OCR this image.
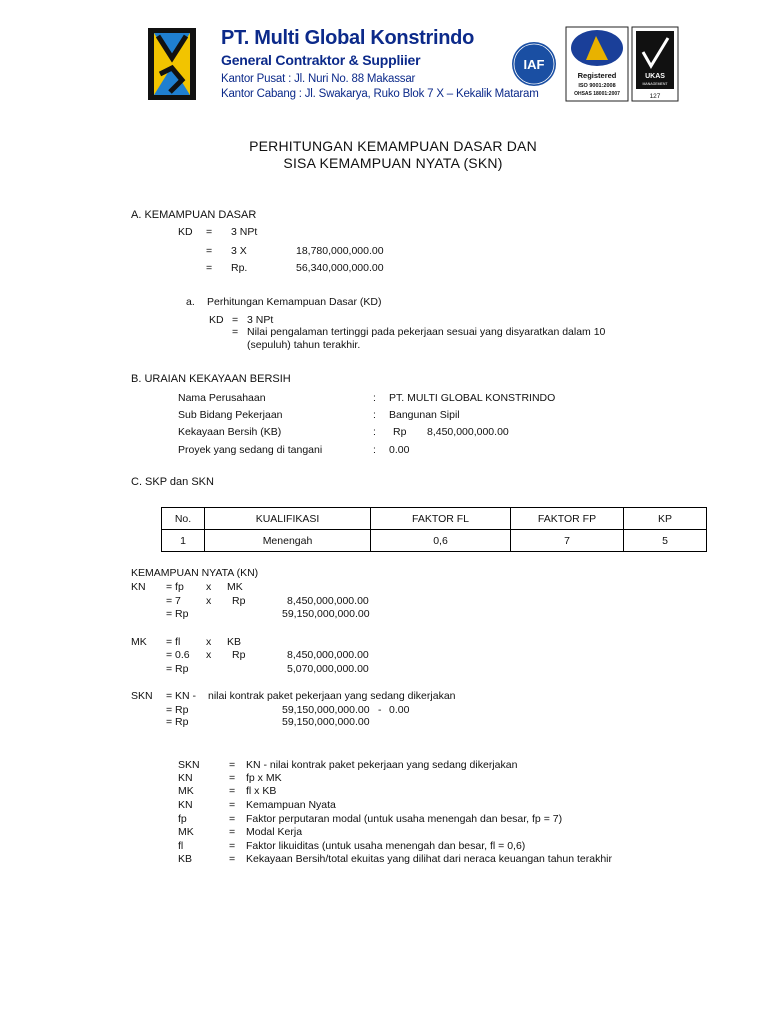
PT. Multi Global Konstrindo
General Contraktor & Suppliier
Kantor Pusat : Jl. Nuri No. 88 Makassar
Kantor Cabang : Jl. Swakarya, Ruko Blok 7 X – Kekalik Mataram
IAF
Registered
ISO 9001:2008
OHSAS 18001:2007
UKAS
MANAGEMENT
127
PERHITUNGAN KEMAMPUAN DASAR DAN
SISA KEMAMPUAN NYATA (SKN)
A. KEMAMPUAN DASAR
KD = 3 NPt
= 3 X	18,780,000,000.00
= Rp.	56,340,000,000.00
a. Perhitungan Kemampuan Dasar (KD)
KD = 3 NPt
= Nilai pengalaman tertinggi pada pekerjaan sesuai yang disyaratkan dalam 10
(sepuluh) tahun terakhir.
B. URAIAN KEKAYAAN BERSIH
Nama Perusahaan	: PT. MULTI GLOBAL KONSTRINDO
Sub Bidang Pekerjaan	: Bangunan Sipil
Kekayaan Bersih (KB)	: Rp 8,450,000,000.00
Proyek yang sedang di tangani	: 0.00
C. SKP dan SKN
No.	KUALIFIKASI	FAKTOR FL	FAKTOR FP	KP
1	Menengah	0,6	7	5
KEMAMPUAN NYATA (KN)
KN = fp x MK
= 7 x Rp	8,450,000,000.00
= Rp	59,150,000,000.00
MK = fl x KB
= 0.6 x Rp	8,450,000,000.00
= Rp	5,070,000,000.00
SKN = KN - nilai kontrak paket pekerjaan yang sedang dikerjakan
= Rp	59,150,000,000.00 - 0.00
= Rp	59,150,000,000.00
SKN	= KN - nilai kontrak paket pekerjaan yang sedang dikerjakan
KN	= fp x MK
MK	= fl x KB
KN	= Kemampuan Nyata
fp	= Faktor perputaran modal (untuk usaha menengah dan besar, fp = 7)
MK	= Modal Kerja
fl	= Faktor likuiditas (untuk usaha menengah dan besar, fl = 0,6)
KB	= Kekayaan Bersih/total ekuitas yang dilihat dari neraca keuangan tahun terakhir
